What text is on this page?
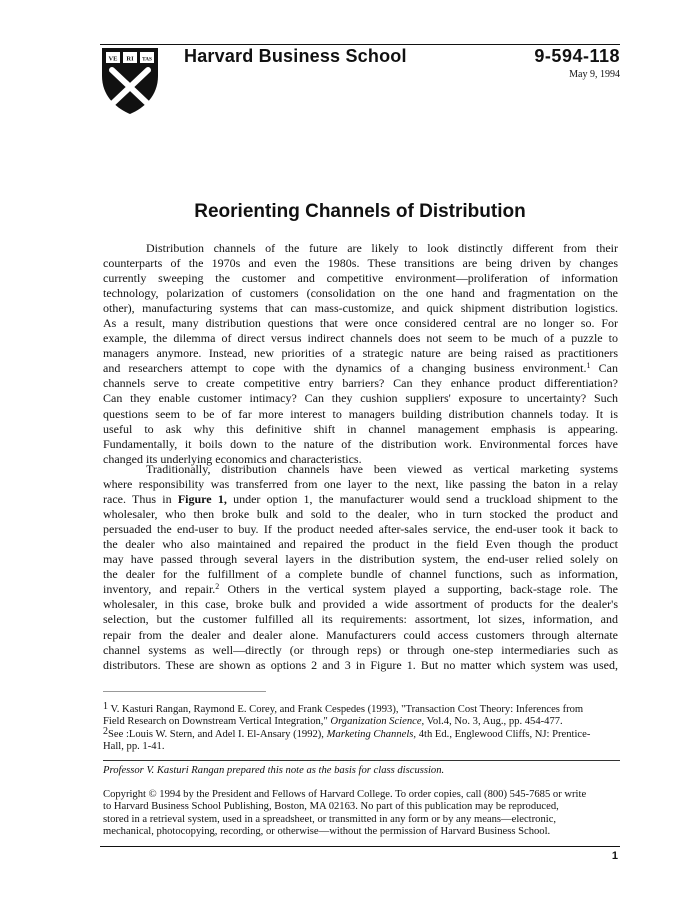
VE RI TAS Harvard Business School	9-594-118
May 9, 1994
Reorienting Channels of Distribution
Distribution channels of the future are likely to look distinctly different from their
counterparts of the 1970s and even the 1980s. These transitions are being driven by changes
currently sweeping the customer and competitive environment—proliferation of information
technology, polarization of customers (consolidation on the one hand and fragmentation on the
other), manufacturing systems that can mass-customize, and quick shipment distribution logistics.
As a result, many distribution questions that were once considered central are no longer so. For
example, the dilemma of direct versus indirect channels does not seem to be much of a puzzle to
managers anymore. Instead, new priorities of a strategic nature are being raised as practitioners
and researchers attempt to cope with the dynamics of a changing business environment.$^1$ Can
channels serve to create competitive entry barriers? Can they enhance product differentiation?
Can they enable customer intimacy? Can they cushion suppliers' exposure to uncertainty? Such
questions seem to be of far more interest to managers building distribution channels today. It is
useful to ask why this definitive shift in channel management emphasis is appearing.
Fundamentally, it boils down to the nature of the distribution work. Environmental forces have
changed its underlying economics and characteristics.
Traditionally, distribution channels have been viewed as vertical marketing systems
where responsibility was transferred from one layer to the next, like passing the baton in a relay
race. Thus in Figure 1, under option 1, the manufacturer would send a truckload shipment to the
wholesaler, who then broke bulk and sold to the dealer, who in turn stocked the product and
persuaded the end-user to buy. If the product needed after-sales service, the end-user took it back to
the dealer who also maintained and repaired the product in the field Even though the product
may have passed through several layers in the distribution system, the end-user relied solely on
the dealer for the fulfillment of a complete bundle of channel functions, such as information,
inventory, and repair.$^2$ Others in the vertical system played a supporting, back-stage role. The
wholesaler, in this case, broke bulk and provided a wide assortment of products for the dealer's
selection, but the customer fulfilled all its requirements: assortment, lot sizes, information, and
repair from the dealer and dealer alone. Manufacturers could access customers through alternate
channel systems as well—directly (or through reps) or through one-step intermediaries such as
distributors. These are shown as options 2 and 3 in Figure 1. But no matter which system was used,
$^1$ V. Kasturi Rangan, Raymond E. Corey, and Frank Cespedes (1993), "Transaction Cost Theory: Inferences from
Field Research on Downstream Vertical Integration," Organization Science, Vol.4, No. 3, Aug., pp. 454-477.
$^2$See :Louis W. Stern, and Adel I. El-Ansary (1992), Marketing Channels, 4th Ed., Englewood Cliffs, NJ: Prentice-
Hall, pp. 1-41.
Professor V. Kasturi Rangan prepared this note as the basis for class discussion.
Copyright © 1994 by the President and Fellows of Harvard College. To order copies, call (800) 545-7685 or write
to Harvard Business School Publishing, Boston, MA 02163. No part of this publication may be reproduced,
stored in a retrieval system, used in a spreadsheet, or transmitted in any form or by any means—electronic,
mechanical, photocopying, recording, or otherwise—without the permission of Harvard Business School.
1
